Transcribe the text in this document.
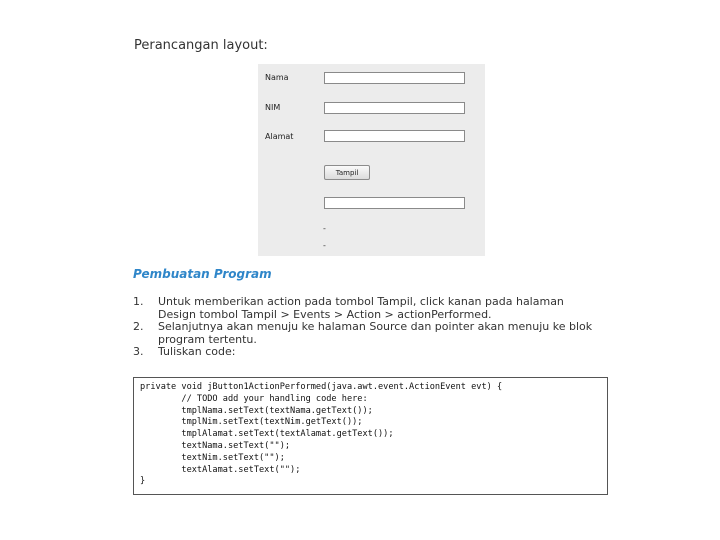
Perancangan layout:
Nama
NIM
Alamat
Tampil
-
-
Pembuatan Program
1. Untuk memberikan action pada tombol Tampil, click kanan pada halaman Design tombol Tampil > Events > Action > actionPerformed.
2. Selanjutnya akan menuju ke halaman Source dan pointer akan menuju ke blok program tertentu.
3. Tuliskan code:
private void jButton1ActionPerformed(java.awt.event.ActionEvent evt) {
// TODO add your handling code here:
tmplNama.setText(textNama.getText());
tmplNim.setText(textNim.getText());
tmplAlamat.setText(textAlamat.getText());
textNama.setText("");
textNim.setText("");
textAlamat.setText("");
}
